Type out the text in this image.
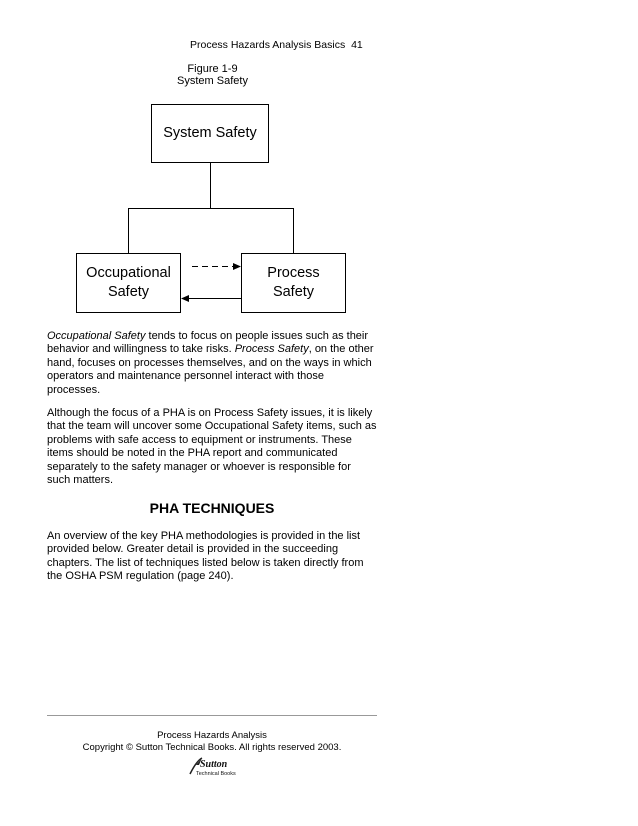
Process Hazards Analysis Basics 41
Figure 1-9
System Safety
System Safety
Occupational
Safety
Process
Safety
Occupational Safety tends to focus on people issues such as their behavior and willingness to take risks. Process Safety, on the other hand, focuses on processes themselves, and on the ways in which operators and maintenance personnel interact with those processes.
Although the focus of a PHA is on Process Safety issues, it is likely that the team will uncover some Occupational Safety items, such as problems with safe access to equipment or instruments. These items should be noted in the PHA report and communicated separately to the safety manager or whoever is responsible for such matters.
PHA TECHNIQUES
An overview of the key PHA methodologies is provided in the list provided below. Greater detail is provided in the succeeding chapters. The list of techniques listed below is taken directly from the OSHA PSM regulation (page 240).
Process Hazards Analysis
Copyright © Sutton Technical Books. All rights reserved 2003.
Sutton
Technical Books
